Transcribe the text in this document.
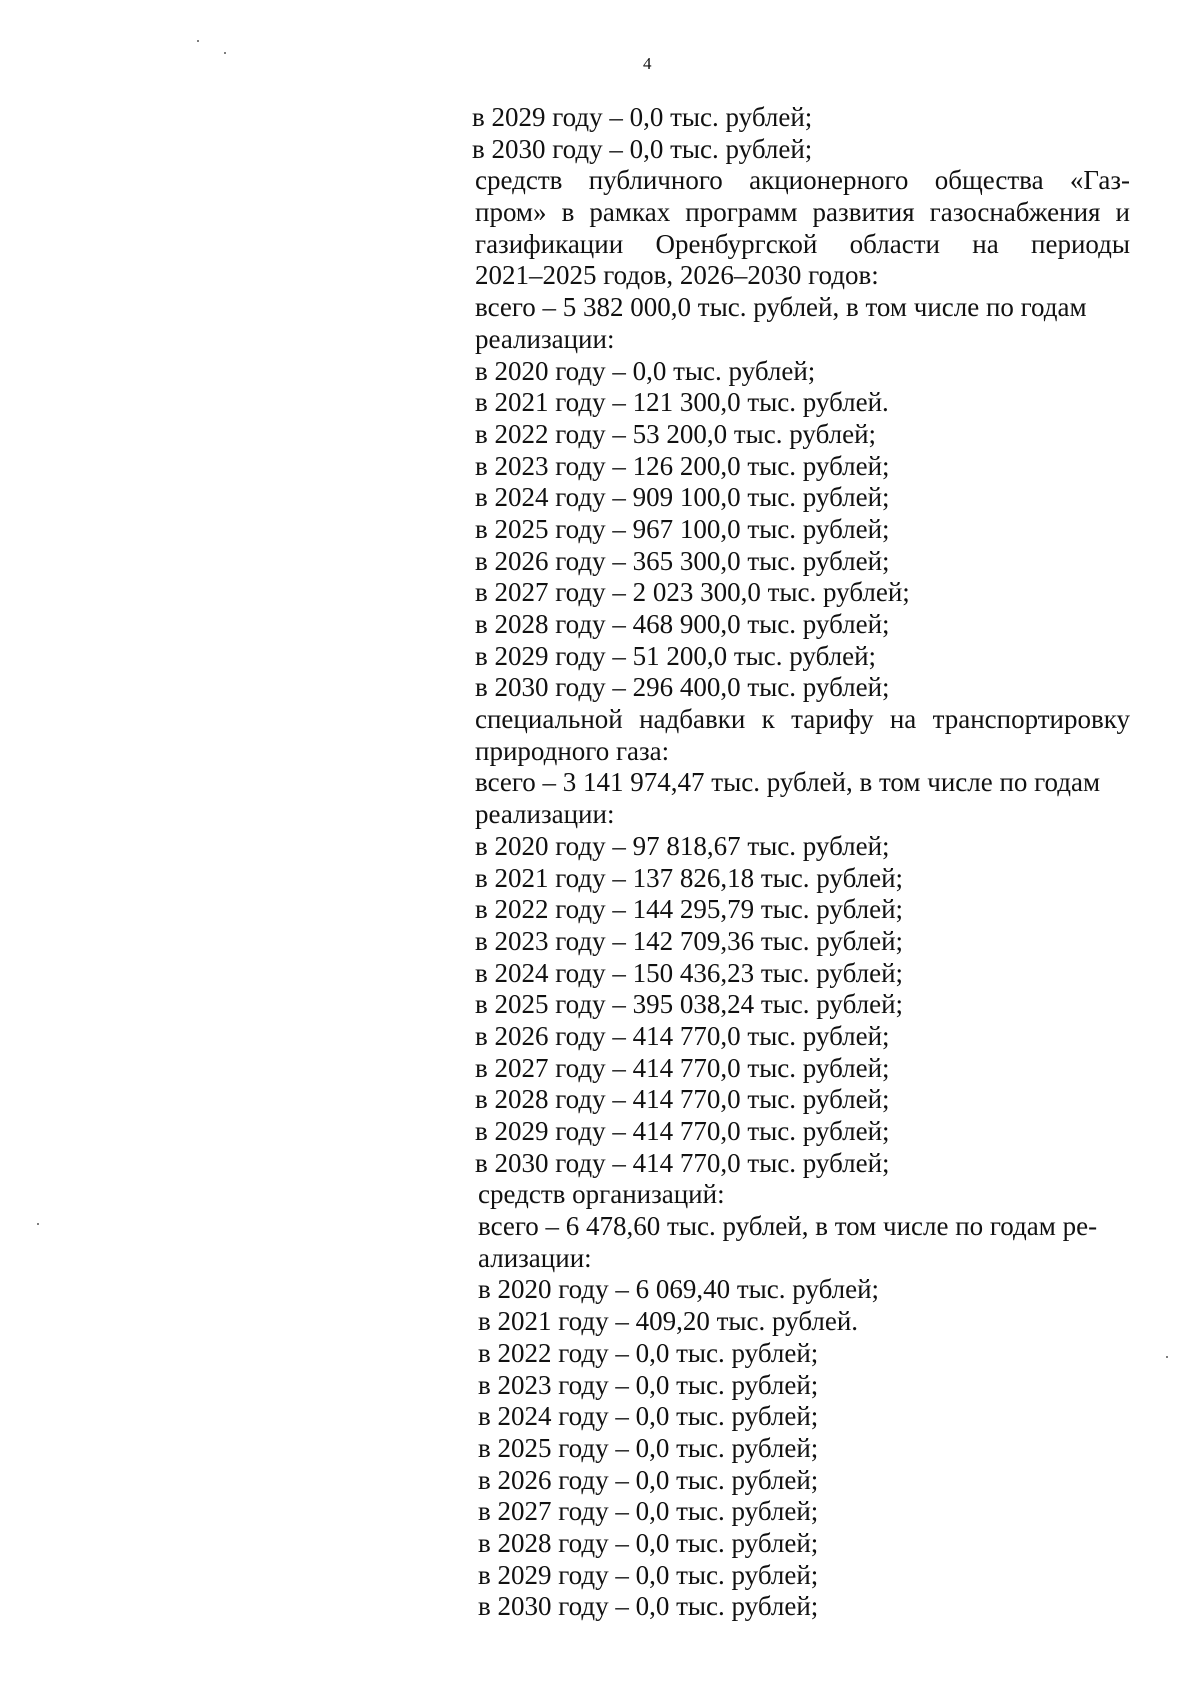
4
в 2029 году – 0,0 тыс. рублей;
в 2030 году – 0,0 тыс. рублей;
средств публичного акционерного общества «Газ-
пром» в рамках программ развития газоснабжения и
газификации Оренбургской области на периоды
2021–2025 годов, 2026–2030 годов:
всего – 5 382 000,0 тыс. рублей, в том числе по годам
реализации:
в 2020 году – 0,0 тыс. рублей;
в 2021 году – 121 300,0 тыс. рублей.
в 2022 году – 53 200,0 тыс. рублей;
в 2023 году – 126 200,0 тыс. рублей;
в 2024 году – 909 100,0 тыс. рублей;
в 2025 году – 967 100,0 тыс. рублей;
в 2026 году – 365 300,0 тыс. рублей;
в 2027 году – 2 023 300,0 тыс. рублей;
в 2028 году – 468 900,0 тыс. рублей;
в 2029 году – 51 200,0 тыс. рублей;
в 2030 году – 296 400,0 тыс. рублей;
специальной надбавки к тарифу на транспортировку
природного газа:
всего – 3 141 974,47 тыс. рублей, в том числе по годам
реализации:
в 2020 году – 97 818,67 тыс. рублей;
в 2021 году – 137 826,18 тыс. рублей;
в 2022 году – 144 295,79 тыс. рублей;
в 2023 году – 142 709,36 тыс. рублей;
в 2024 году – 150 436,23 тыс. рублей;
в 2025 году – 395 038,24 тыс. рублей;
в 2026 году – 414 770,0 тыс. рублей;
в 2027 году – 414 770,0 тыс. рублей;
в 2028 году – 414 770,0 тыс. рублей;
в 2029 году – 414 770,0 тыс. рублей;
в 2030 году – 414 770,0 тыс. рублей;
средств организаций:
всего – 6 478,60 тыс. рублей, в том числе по годам ре-
ализации:
в 2020 году – 6 069,40 тыс. рублей;
в 2021 году – 409,20 тыс. рублей.
в 2022 году – 0,0 тыс. рублей;
в 2023 году – 0,0 тыс. рублей;
в 2024 году – 0,0 тыс. рублей;
в 2025 году – 0,0 тыс. рублей;
в 2026 году – 0,0 тыс. рублей;
в 2027 году – 0,0 тыс. рублей;
в 2028 году – 0,0 тыс. рублей;
в 2029 году – 0,0 тыс. рублей;
в 2030 году – 0,0 тыс. рублей;
